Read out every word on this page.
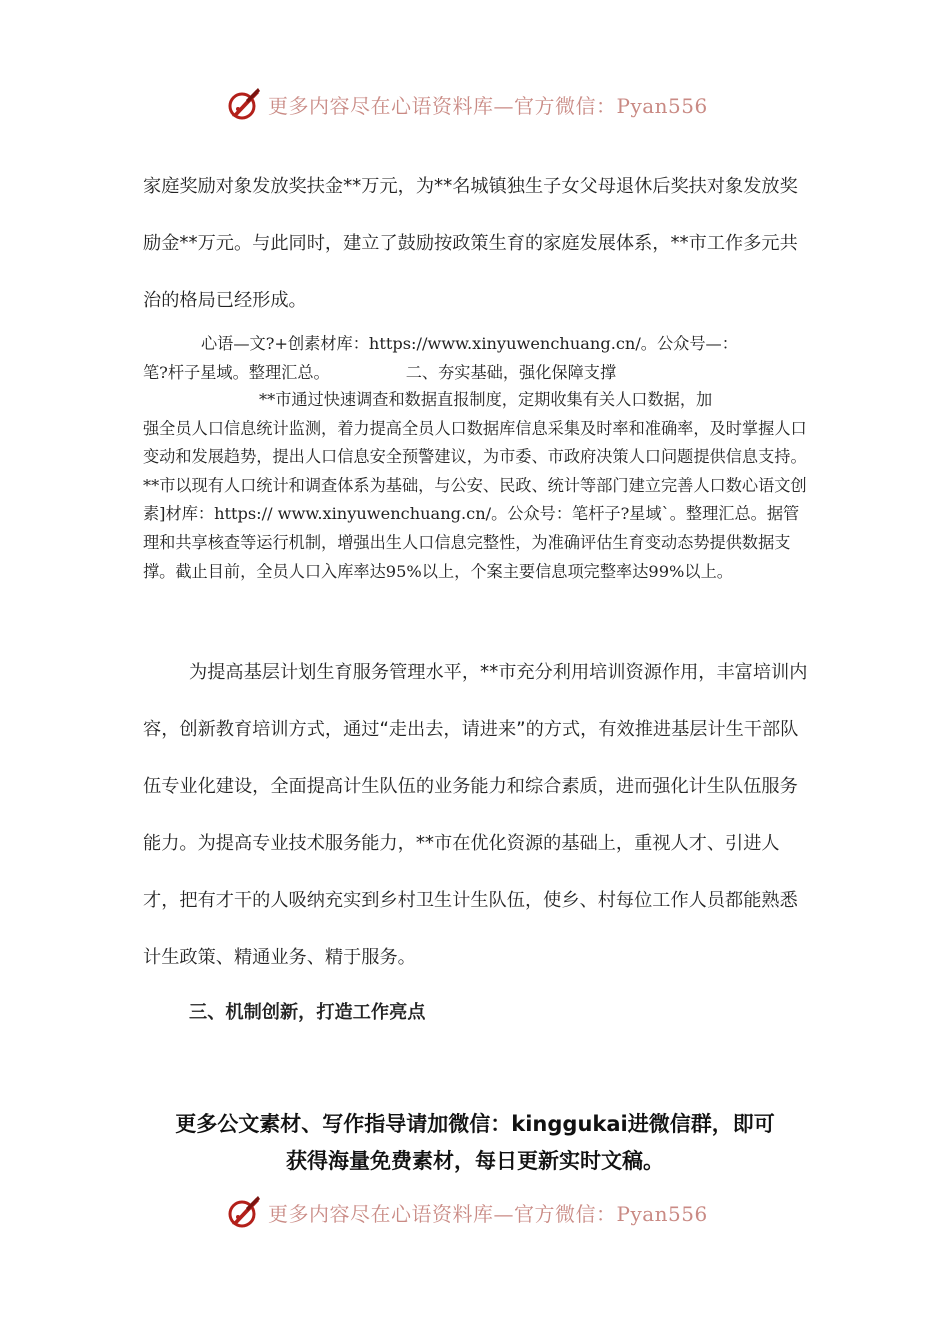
更多内容尽在心语资料库—官方微信：Pyan556
家庭奖励对象发放奖扶金**万元，为**名城镇独生子女父母退休后奖扶对象发放奖励金**万元。与此同时，建立了鼓励按政策生育的家庭发展体系，**市工作多元共治的格局已经形成。
心语—文?+创素材库：https://www.xinyuwenchuang.cn/。公众号—：
笔?杆子星域。整理汇总。	二、夯实基础，强化保障支撑
**市通过快速调查和数据直报制度，定期收集有关人口数据，加
强全员人口信息统计监测，着力提高全员人口数据库信息采集及时率和准确率，及时掌握人口变动和发展趋势，提出人口信息安全预警建议，为市委、市政府决策人口问题提供信息支持。**市以现有人口统计和调查体系为基础，与公安、民政、统计等部门建立完善人口数心语文创素]材库：https:// www.xinyuwenchuang.cn/。公众号：笔杆子?星域`。整理汇总。据管理和共享核查等运行机制，增强出生人口信息完整性，为准确评估生育变动态势提供数据支撑。截止目前，全员人口入库率达95%以上，个案主要信息项完整率达99%以上。
为提高基层计划生育服务管理水平，**市充分利用培训资源作用，丰富培训内容，创新教育培训方式，通过“走出去，请进来”的方式，有效推进基层计生干部队伍专业化建设，全面提高计生队伍的业务能力和综合素质，进而强化计生队伍服务能力。为提高专业技术服务能力，**市在优化资源的基础上，重视人才、引进人才，把有才干的人吸纳充实到乡村卫生计生队伍，使乡、村每位工作人员都能熟悉计生政策、精通业务、精于服务。
三、机制创新，打造工作亮点
更多公文素材、写作指导请加微信：kinggukai进微信群，即可
获得海量免费素材，每日更新实时文稿。
更多内容尽在心语资料库—官方微信：Pyan556
